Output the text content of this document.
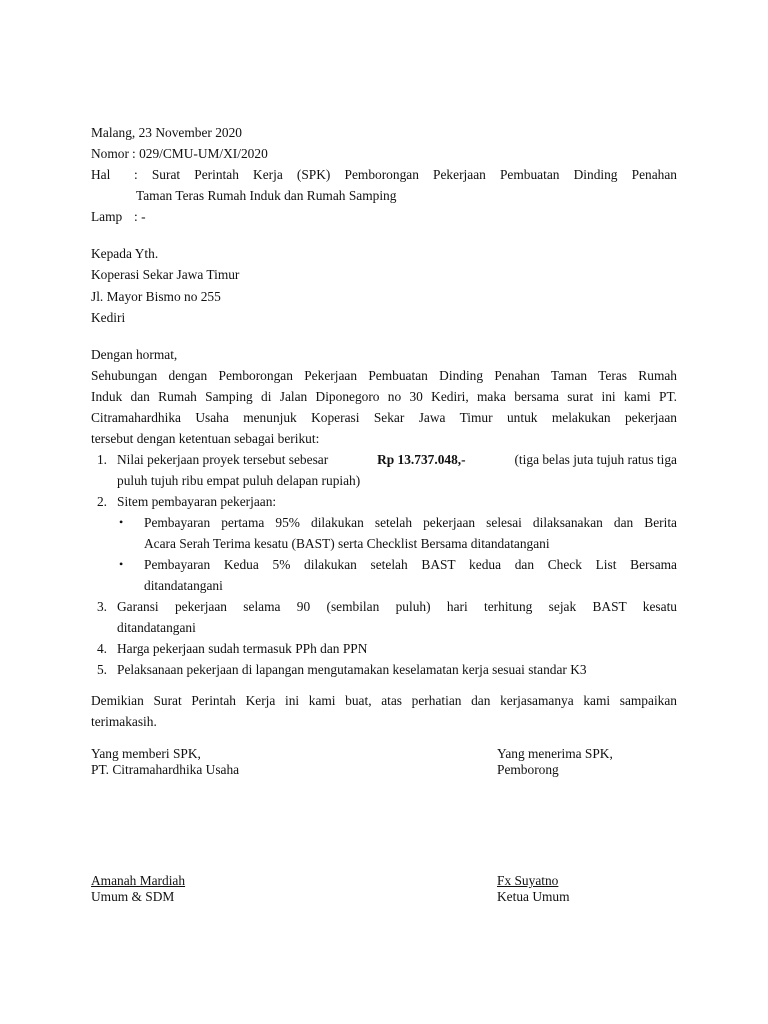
Malang, 23 November 2020
Nomor : 029/CMU-UM/XI/2020
Hal : Surat Perintah Kerja (SPK) Pemborongan Pekerjaan Pembuatan Dinding Penahan
Taman Teras Rumah Induk dan Rumah Samping
Lamp : -
Kepada Yth.
Koperasi Sekar Jawa Timur
Jl. Mayor Bismo no 255
Kediri
Dengan hormat,
Sehubungan dengan Pemborongan Pekerjaan Pembuatan Dinding Penahan Taman Teras Rumah
Induk dan Rumah Samping di Jalan Diponegoro no 30 Kediri, maka bersama surat ini kami PT.
Citramahardhika Usaha menunjuk Koperasi Sekar Jawa Timur untuk melakukan pekerjaan
tersebut dengan ketentuan sebagai berikut:
1. Nilai pekerjaan proyek tersebut sebesar	Rp 13.737.048,-	(tiga belas juta tujuh ratus tiga
puluh tujuh ribu empat puluh delapan rupiah)
2. Sitem pembayaran pekerjaan:
• Pembayaran pertama 95% dilakukan setelah pekerjaan selesai dilaksanakan dan Berita
Acara Serah Terima kesatu (BAST) serta Checklist Bersama ditandatangani
• Pembayaran Kedua 5% dilakukan setelah BAST kedua dan Check List Bersama
ditandatangani
3. Garansi pekerjaan selama 90 (sembilan puluh) hari terhitung sejak BAST kesatu
ditandatangani
4. Harga pekerjaan sudah termasuk PPh dan PPN
5. Pelaksanaan pekerjaan di lapangan mengutamakan keselamatan kerja sesuai standar K3
Demikian Surat Perintah Kerja ini kami buat, atas perhatian dan kerjasamanya kami sampaikan
terimakasih.
Yang memberi SPK,
PT. Citramahardhika Usaha
Amanah Mardiah
Umum & SDM
Yang menerima SPK,
Pemborong
Fx Suyatno
Ketua Umum
